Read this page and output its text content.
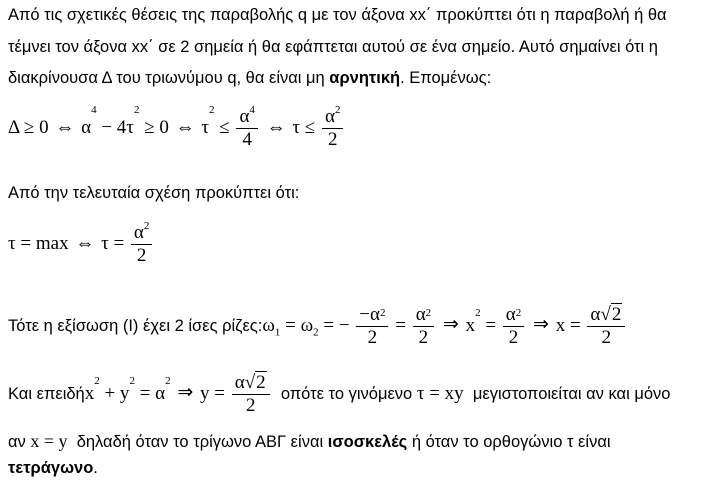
Από τις σχετικές θέσεις της παραβολής q με τον άξονα xx΄ προκύπτει ότι η παραβολή ή θα
τέμνει τον άξονα xx΄ σε 2 σημεία ή θα εφάπτεται αυτού σε ένα σημείο. Αυτό σημαίνει ότι η
διακρίνουσα Δ του τριωνύμου q, θα είναι μη αρνητική. Επομένως:
Δ ≥ 0 ⇔ $\alpha^4 - 4\tau^2 \ge 0$ ⇔ $\tau^2 \le \frac{\alpha^4}{4}$ ⇔ $\tau \le \frac{\alpha^2}{2}$
Από την τελευταία σχέση προκύπτει ότι:
τ = max ⇔ $\tau = \frac{\alpha^2}{2}$
Τότε η εξίσωση (Ι) έχει 2 ίσες ρίζες: $\omega_1 = \omega_2$ = − $\frac{-\alpha^2}{2} = \frac{\alpha^2}{2}$ ⇒ $x^2 = \frac{\alpha^2}{2}$ ⇒ $x = \frac{\alpha√2}{2}$
Και επειδή $x^2 + y^2 = \alpha^2$ ⇒ $y = \frac{\alpha√2}{2}$ οπότε το γινόμενο τ = xy μεγιστοποιείται αν και μόνο
αν x = y  δηλαδή όταν το τρίγωνο ΑΒΓ είναι ισοσκελές ή όταν το ορθογώνιο τ είναι
τετράγωνο.
